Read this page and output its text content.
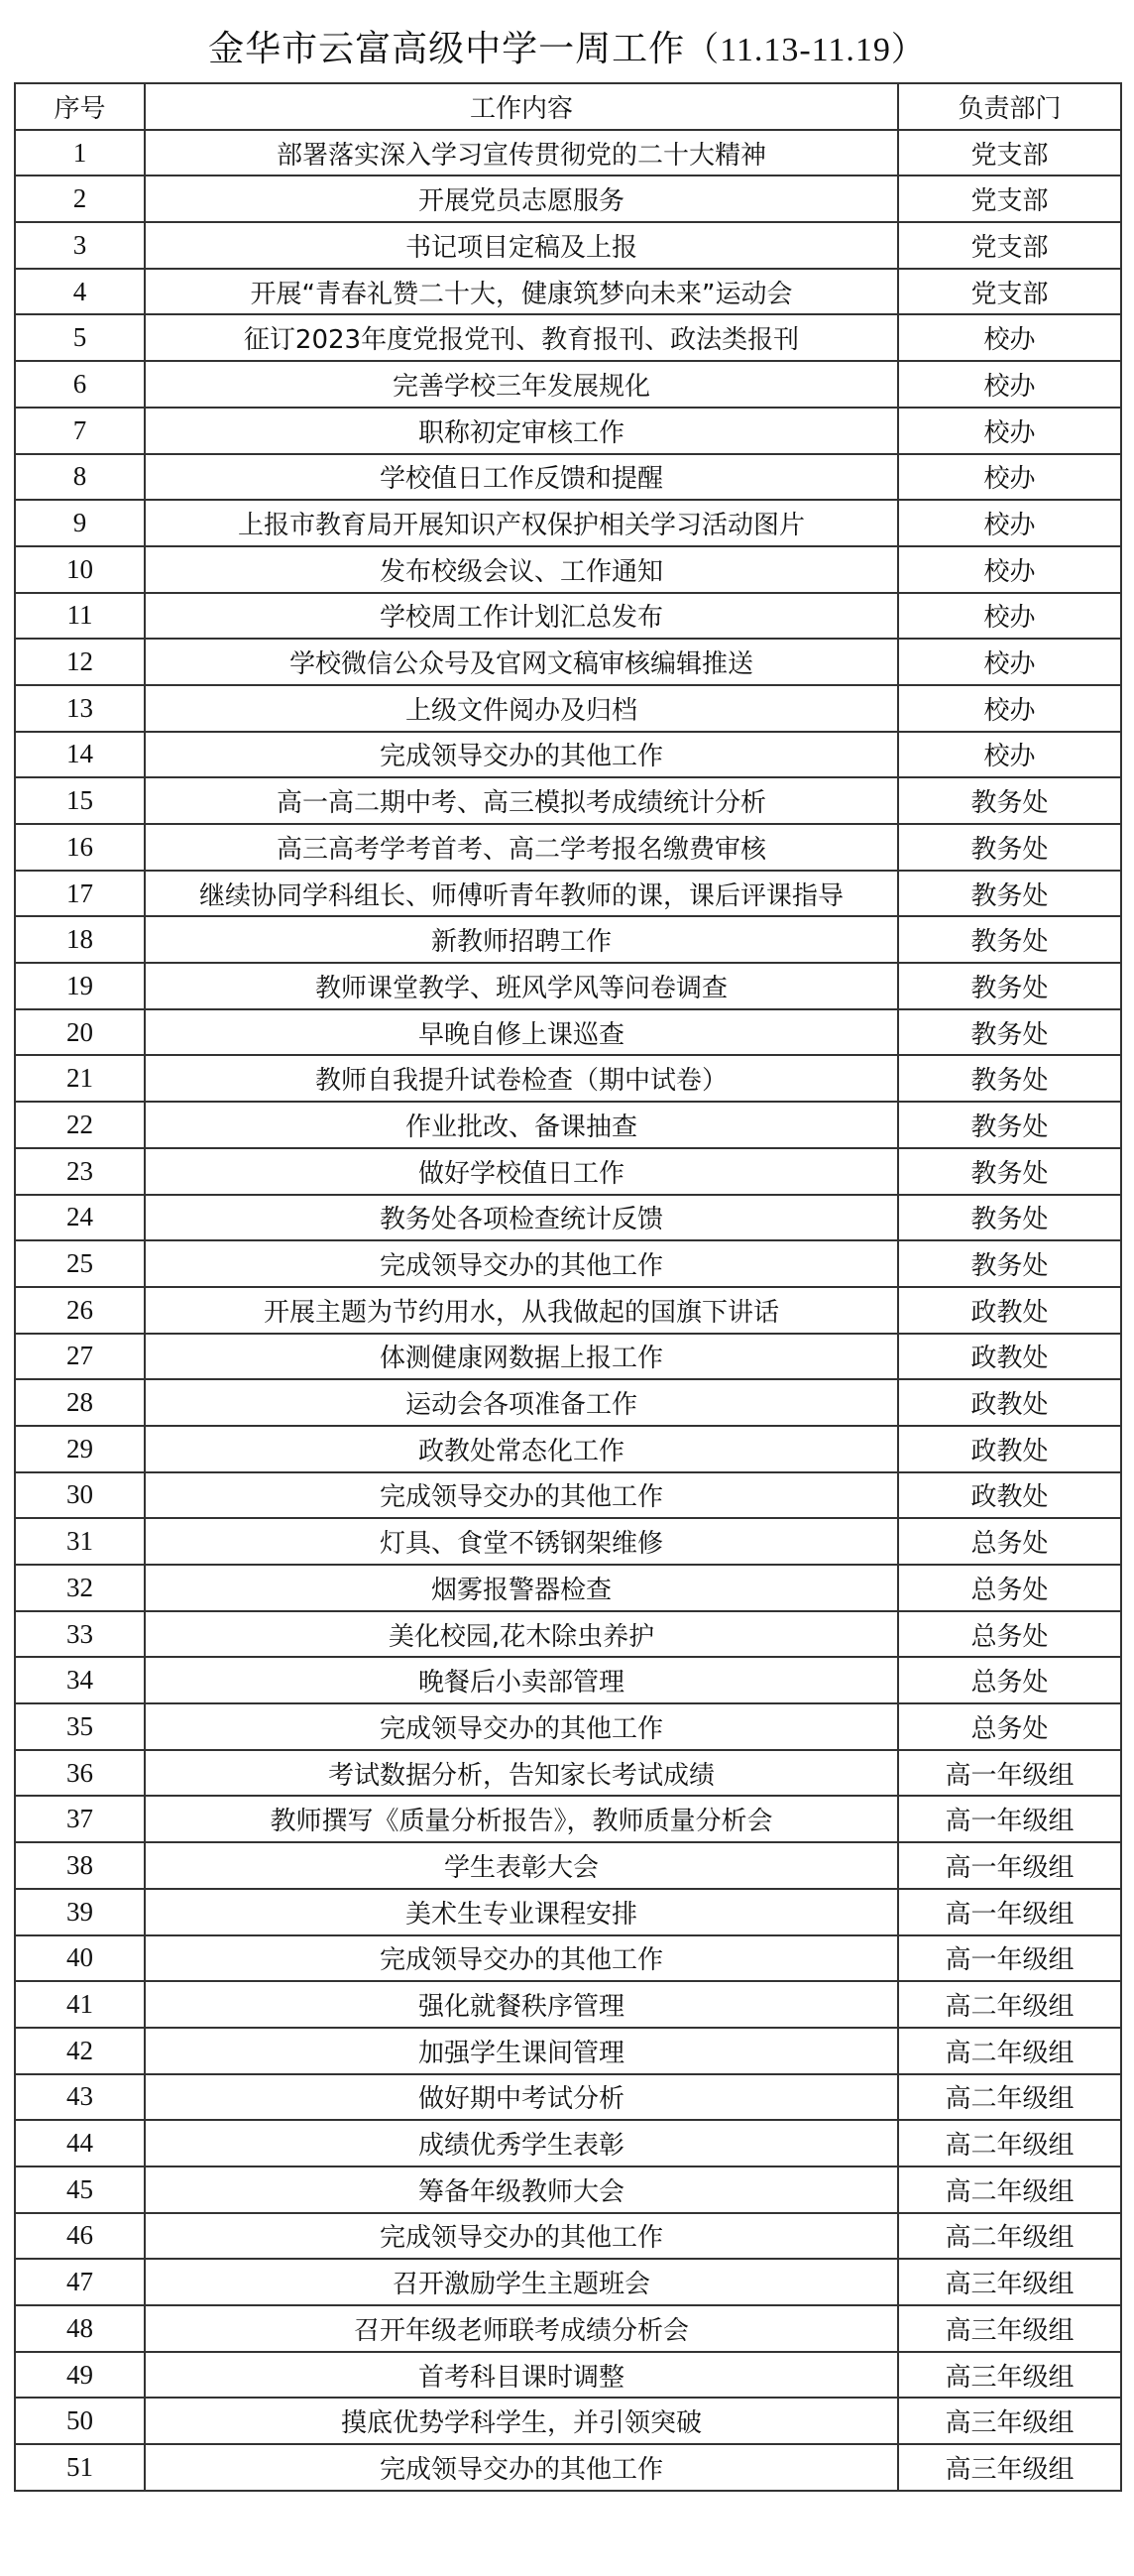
金华市云富高级中学一周工作（11.13-11.19）
序号	工作内容	负责部门
1	部署落实深入学习宣传贯彻党的二十大精神	党支部
2	开展党员志愿服务	党支部
3	书记项目定稿及上报	党支部
4	开展“青春礼赞二十大，健康筑梦向未来”运动会	党支部
5	征订2023年度党报党刊、教育报刊、政法类报刊	校办
6	完善学校三年发展规化	校办
7	职称初定审核工作	校办
8	学校值日工作反馈和提醒	校办
9	上报市教育局开展知识产权保护相关学习活动图片	校办
10	发布校级会议、工作通知	校办
11	学校周工作计划汇总发布	校办
12	学校微信公众号及官网文稿审核编辑推送	校办
13	上级文件阅办及归档	校办
14	完成领导交办的其他工作	校办
15	高一高二期中考、高三模拟考成绩统计分析	教务处
16	高三高考学考首考、高二学考报名缴费审核	教务处
17	继续协同学科组长、师傅听青年教师的课，课后评课指导	教务处
18	新教师招聘工作	教务处
19	教师课堂教学、班风学风等问卷调查	教务处
20	早晚自修上课巡查	教务处
21	教师自我提升试卷检查（期中试卷）	教务处
22	作业批改、备课抽查	教务处
23	做好学校值日工作	教务处
24	教务处各项检查统计反馈	教务处
25	完成领导交办的其他工作	教务处
26	开展主题为节约用水，从我做起的国旗下讲话	政教处
27	体测健康网数据上报工作	政教处
28	运动会各项准备工作	政教处
29	政教处常态化工作	政教处
30	完成领导交办的其他工作	政教处
31	灯具、食堂不锈钢架维修	总务处
32	烟雾报警器检查	总务处
33	美化校园,花木除虫养护	总务处
34	晚餐后小卖部管理	总务处
35	完成领导交办的其他工作	总务处
36	考试数据分析，告知家长考试成绩	高一年级组
37	教师撰写《质量分析报告》，教师质量分析会	高一年级组
38	学生表彰大会	高一年级组
39	美术生专业课程安排	高一年级组
40	完成领导交办的其他工作	高一年级组
41	强化就餐秩序管理	高二年级组
42	加强学生课间管理	高二年级组
43	做好期中考试分析	高二年级组
44	成绩优秀学生表彰	高二年级组
45	筹备年级教师大会	高二年级组
46	完成领导交办的其他工作	高二年级组
47	召开激励学生主题班会	高三年级组
48	召开年级老师联考成绩分析会	高三年级组
49	首考科目课时调整	高三年级组
50	摸底优势学科学生，并引领突破	高三年级组
51	完成领导交办的其他工作	高三年级组
